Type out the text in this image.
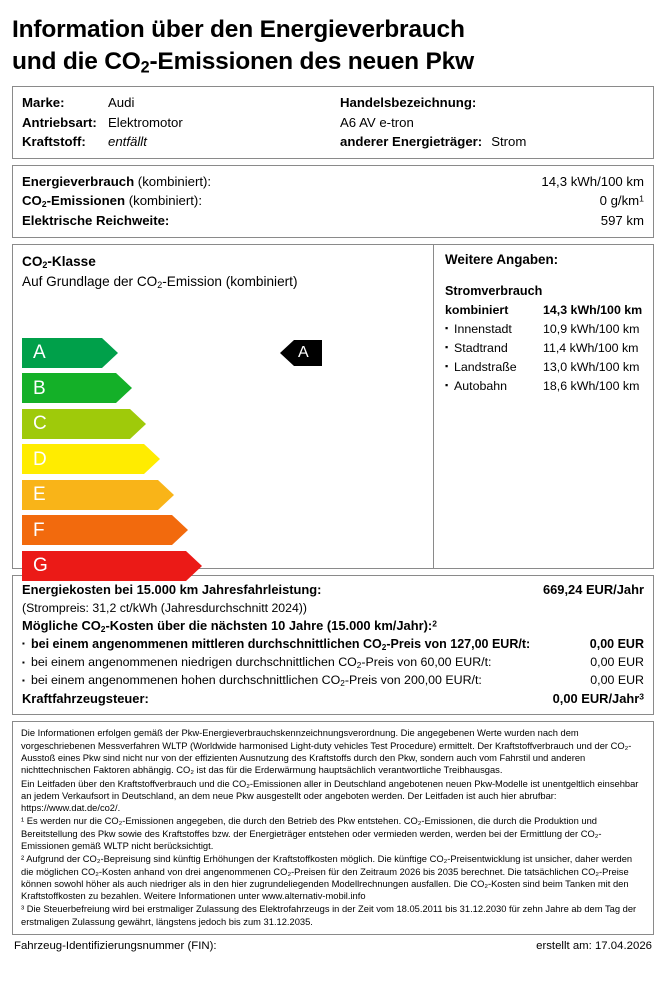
Information über den Energieverbrauch
und die $CO_2$-Emissionen des neuen Pkw
Marke:	Audi	Handelsbezeichnung:
Antriebsart: Elektromotor	A6 AV e-tron
Kraftstoff:	entfällt	anderer Energieträger: Strom
Energieverbrauch (kombiniert):	14,3 kWh/100 km
$CO_2$-Emissionen (kombiniert):	0 $g/km^1$
Elektrische Reichweite:	597 km
$CO_2$-Klasse
Auf Grundlage der $CO_2$-Emission (kombiniert)
A	A
B
C
D
E
F
G
Weitere Angaben:
Stromverbrauch
kombiniert	14,3 kWh/100 km
▪ Innenstadt	10,9 kWh/100 km
▪ Stadtrand	11,4 kWh/100 km
▪ Landstraße 13,0 kWh/100 km
▪ Autobahn	18,6 kWh/100 km
Energiekosten bei 15.000 km Jahresfahrleistung:	669,24 EUR/Jahr
(Strompreis: 31,2 ct/kWh (Jahresdurchschnitt 2024))
Mögliche $CO_2$-Kosten über die nächsten 10 Jahre (15.000 km/Jahr):$^2$
▪ bei einem angenommenen mittleren durchschnittlichen $CO_2$-Preis von 127,00 EUR/t:	0,00 EUR
▪ bei einem angenommenen niedrigen durchschnittlichen $CO_2$-Preis von 60,00 EUR/t:	0,00 EUR
▪ bei einem angenommenen hohen durchschnittlichen $CO_2$-Preis von 200,00 EUR/t:	0,00 EUR
Kraftfahrzeugsteuer:	0,00 EUR/Jahr$^3$

Die Informationen erfolgen gemäß der Pkw-Energieverbrauchskennzeichnungsverordnung. Die angegebenen Werte wurden nach dem vorgeschriebenen Messverfahren WLTP (Worldwide harmonised Light-duty vehicles Test Procedure) ermittelt. Der Kraftstoffverbrauch und der CO₂-Ausstoß eines Pkw sind nicht nur von der effizienten Ausnutzung des Kraftstoffs durch den Pkw, sondern auch vom Fahrstil und anderen nichttechnischen Faktoren abhängig. CO₂ ist das für die Erderwärmung hauptsächlich verantwortliche Treibhausgas.

Ein Leitfaden über den Kraftstoffverbrauch und die CO₂-Emissionen aller in Deutschland angebotenen neuen Pkw-Modelle ist unentgeltlich einsehbar an jedem Verkaufsort in Deutschland, an dem neue Pkw ausgestellt oder angeboten werden. Der Leitfaden ist auch hier abrufbar: https://www.dat.de/co2/.

¹ Es werden nur die CO₂-Emissionen angegeben, die durch den Betrieb des Pkw entstehen. CO₂-Emissionen, die durch die Produktion und Bereitstellung des Pkw sowie des Kraftstoffes bzw. der Energieträger entstehen oder vermieden werden, werden bei der Ermittlung der CO₂-Emissionen gemäß WLTP nicht berücksichtigt.

² Aufgrund der CO₂-Bepreisung sind künftig Erhöhungen der Kraftstoffkosten möglich. Die künftige CO₂-Preisentwicklung ist unsicher, daher werden die möglichen CO₂-Kosten anhand von drei angenommenen CO₂-Preisen für den Zeitraum 2026 bis 2035 berechnet. Die tatsächlichen CO₂-Preise können sowohl höher als auch niedriger als in den hier zugrundeliegenden Modellrechnungen ausfallen. Die CO₂-Kosten sind beim Tanken mit den Kraftstoffkosten zu bezahlen. Weitere Informationen unter www.alternativ-mobil.info

³ Die Steuerbefreiung wird bei erstmaliger Zulassung des Elektrofahrzeugs in der Zeit vom 18.05.2011 bis 31.12.2030 für zehn Jahre ab dem Tag der erstmaligen Zulassung gewährt, längstens jedoch bis zum 31.12.2035.

Fahrzeug-Identifizierungsnummer (FIN):	erstellt am: 17.04.2026
